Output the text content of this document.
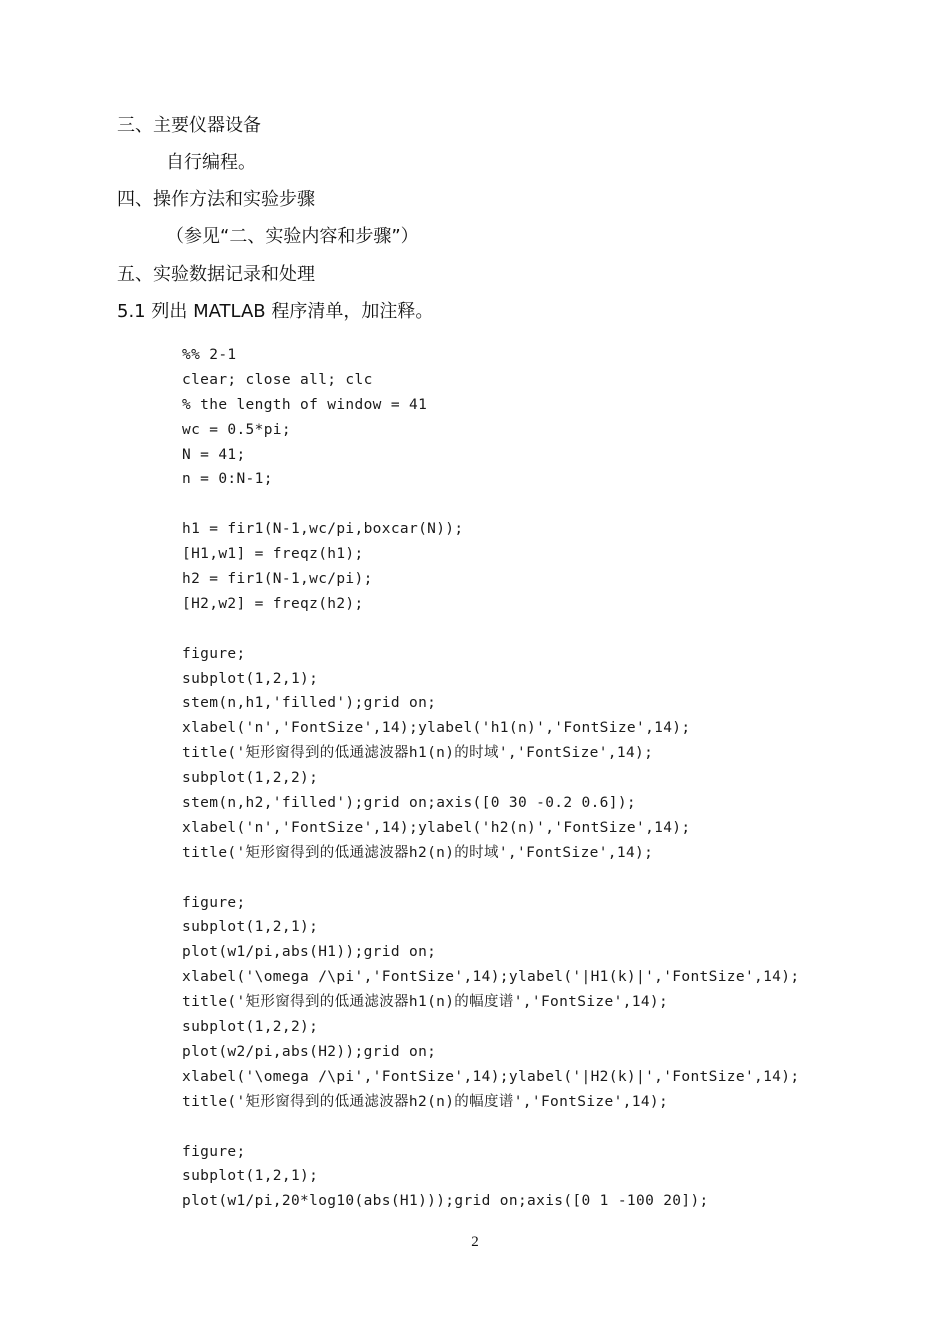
三、主要仪器设备
自行编程。
四、操作方法和实验步骤
（参见“二、实验内容和步骤”）
五、实验数据记录和处理
5.1 列出 MATLAB 程序清单，加注释。
%% 2-1
clear; close all; clc
% the length of window = 41
wc = 0.5*pi;
N = 41;
n = 0:N-1;
h1 = fir1(N-1,wc/pi,boxcar(N));
[H1,w1] = freqz(h1);
h2 = fir1(N-1,wc/pi);
[H2,w2] = freqz(h2);
figure;
subplot(1,2,1);
stem(n,h1,'filled');grid on;
xlabel('n','FontSize',14);ylabel('h1(n)','FontSize',14);
title('矩形窗得到的低通滤波器h1(n)的时域','FontSize',14);
subplot(1,2,2);
stem(n,h2,'filled');grid on;axis([0 30 -0.2 0.6]);
xlabel('n','FontSize',14);ylabel('h2(n)','FontSize',14);
title('矩形窗得到的低通滤波器h2(n)的时域','FontSize',14);
figure;
subplot(1,2,1);
plot(w1/pi,abs(H1));grid on;
xlabel('\omega /\pi','FontSize',14);ylabel('|H1(k)|','FontSize',14);
title('矩形窗得到的低通滤波器h1(n)的幅度谱','FontSize',14);
subplot(1,2,2);
plot(w2/pi,abs(H2));grid on;
xlabel('\omega /\pi','FontSize',14);ylabel('|H2(k)|','FontSize',14);
title('矩形窗得到的低通滤波器h2(n)的幅度谱','FontSize',14);
figure;
subplot(1,2,1);
plot(w1/pi,20*log10(abs(H1)));grid on;axis([0 1 -100 20]);
2
